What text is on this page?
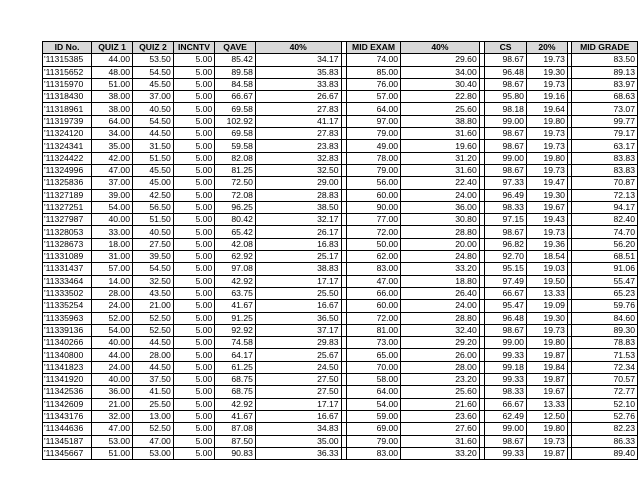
ID No.	QUIZ 1	QUIZ 2	INCNTV	QAVE	40%		MID EXAM	40%		CS	20%		MID GRADE
'11315385	44.00	53.50	5.00	85.42	34.17		74.00	29.60		98.67	19.73		83.50
'11315652	48.00	54.50	5.00	89.58	35.83		85.00	34.00		96.48	19.30		89.13
'11315970	51.00	45.50	5.00	84.58	33.83		76.00	30.40		98.67	19.73		83.97
'11318430	38.00	37.00	5.00	66.67	26.67		57.00	22.80		95.80	19.16		68.63
'11318961	38.00	40.50	5.00	69.58	27.83		64.00	25.60		98.18	19.64		73.07
'11319739	64.00	54.50	5.00	102.92	41.17		97.00	38.80		99.00	19.80		99.77
'11324120	34.00	44.50	5.00	69.58	27.83		79.00	31.60		98.67	19.73		79.17
'11324341	35.00	31.50	5.00	59.58	23.83		49.00	19.60		98.67	19.73		63.17
'11324422	42.00	51.50	5.00	82.08	32.83		78.00	31.20		99.00	19.80		83.83
'11324996	47.00	45.50	5.00	81.25	32.50		79.00	31.60		98.67	19.73		83.83
'11325836	37.00	45.00	5.00	72.50	29.00		56.00	22.40		97.33	19.47		70.87
'11327189	39.00	42.50	5.00	72.08	28.83		60.00	24.00		96.49	19.30		72.13
'11327251	54.00	56.50	5.00	96.25	38.50		90.00	36.00		98.33	19.67		94.17
'11327987	40.00	51.50	5.00	80.42	32.17		77.00	30.80		97.15	19.43		82.40
'11328053	33.00	40.50	5.00	65.42	26.17		72.00	28.80		98.67	19.73		74.70
'11328673	18.00	27.50	5.00	42.08	16.83		50.00	20.00		96.82	19.36		56.20
'11331089	31.00	39.50	5.00	62.92	25.17		62.00	24.80		92.70	18.54		68.51
'11331437	57.00	54.50	5.00	97.08	38.83		83.00	33.20		95.15	19.03		91.06
'11333464	14.00	32.50	5.00	42.92	17.17		47.00	18.80		97.49	19.50		55.47
'11333502	28.00	43.50	5.00	63.75	25.50		66.00	26.40		66.67	13.33		65.23
'11335254	24.00	21.00	5.00	41.67	16.67		60.00	24.00		95.47	19.09		59.76
'11335963	52.00	52.50	5.00	91.25	36.50		72.00	28.80		96.48	19.30		84.60
'11339136	54.00	52.50	5.00	92.92	37.17		81.00	32.40		98.67	19.73		89.30
'11340266	40.00	44.50	5.00	74.58	29.83		73.00	29.20		99.00	19.80		78.83
'11340800	44.00	28.00	5.00	64.17	25.67		65.00	26.00		99.33	19.87		71.53
'11341823	24.00	44.50	5.00	61.25	24.50		70.00	28.00		99.18	19.84		72.34
'11341920	40.00	37.50	5.00	68.75	27.50		58.00	23.20		99.33	19.87		70.57
'11342536	36.00	41.50	5.00	68.75	27.50		64.00	25.60		98.33	19.67		72.77
'11342609	21.00	25.50	5.00	42.92	17.17		54.00	21.60		66.67	13.33		52.10
'11343176	32.00	13.00	5.00	41.67	16.67		59.00	23.60		62.49	12.50		52.76
'11344636	47.00	52.50	5.00	87.08	34.83		69.00	27.60		99.00	19.80		82.23
'11345187	53.00	47.00	5.00	87.50	35.00		79.00	31.60		98.67	19.73		86.33
'11345667	51.00	53.00	5.00	90.83	36.33		83.00	33.20		99.33	19.87		89.40
